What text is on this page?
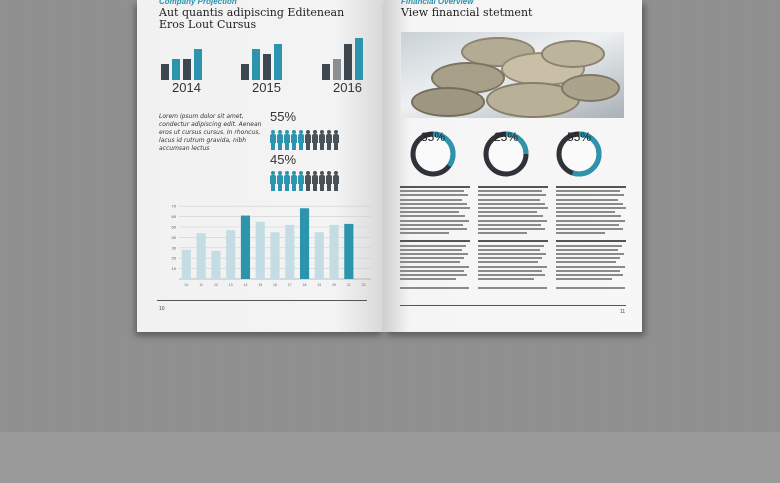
Company Projection
Aut quantis adipiscing Editenean
Eros Lout Cursus
2014	2015	2016
Lorem ipsum dolor sit amet, condectur adipiscing edit. Aenean eros ut cursus cursus. In rhoncus, lacus id rutrum gravida, nibh accumsan lectus
55%
45%
70
60
50
40
30
20
10
10	11	12	13	14	15	16	17	18	19	20	21	22
10
Financial Overview
View financial stetment
35%	25%	55%
11
